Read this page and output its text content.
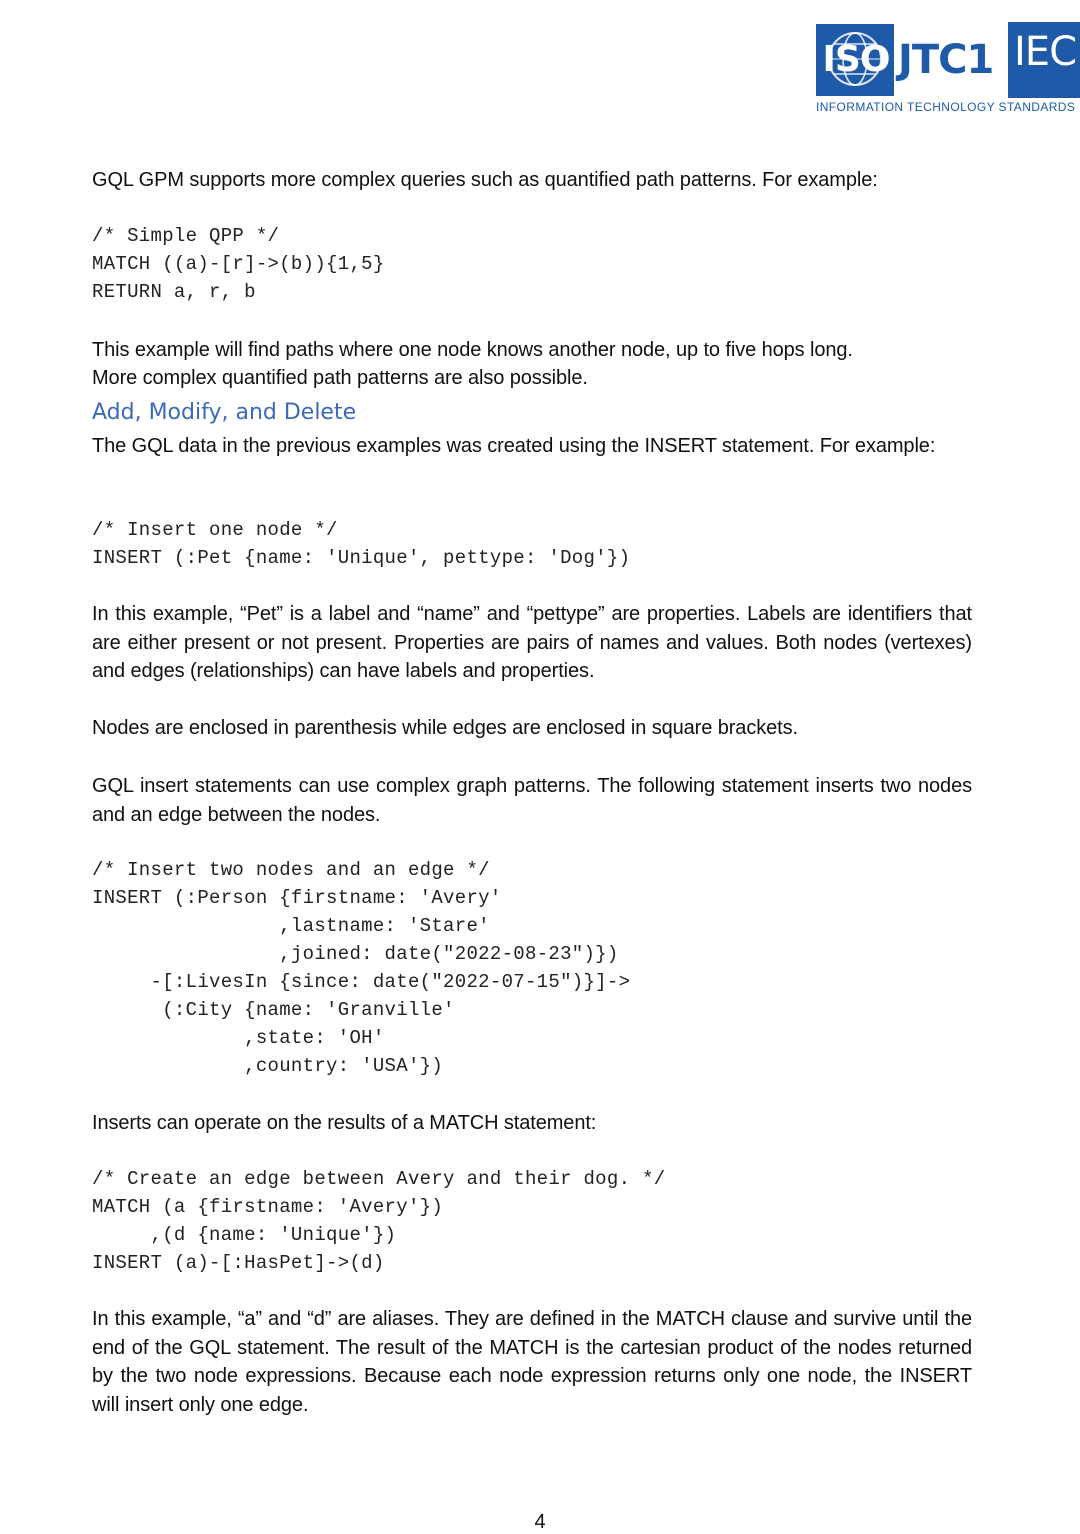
ISO JTC1 IEC
INFORMATION TECHNOLOGY STANDARDS

GQL GPM supports more complex queries such as quantified path patterns. For example:

/* Simple QPP */
MATCH ((a)-[r]->(b)){1,5}
RETURN a, r, b

This example will find paths where one node knows another node, up to five hops long.

More complex quantified path patterns are also possible.

Add, Modify, and Delete

The GQL data in the previous examples was created using the INSERT statement. For example:

/* Insert one node */
INSERT (:Pet {name: 'Unique', pettype: 'Dog'})

In this example, “Pet” is a label and “name” and “pettype” are properties. Labels are identifiers that are either present or not present. Properties are pairs of names and values. Both nodes (vertexes) and edges (relationships) can have labels and properties.

Nodes are enclosed in parenthesis while edges are enclosed in square brackets.

GQL insert statements can use complex graph patterns. The following statement inserts two nodes and an edge between the nodes.

/* Insert two nodes and an edge */
INSERT (:Person {firstname: 'Avery'
,lastname: 'Stare'
,joined: date("2022-08-23")})
-[:LivesIn {since: date("2022-07-15")}]->
(:City {name: 'Granville'
,state: 'OH'
,country: 'USA'})

Inserts can operate on the results of a MATCH statement:

/* Create an edge between Avery and their dog. */
MATCH (a {firstname: 'Avery'})
,(d {name: 'Unique'})
INSERT (a)-[:HasPet]->(d)

In this example, “a” and “d” are aliases. They are defined in the MATCH clause and survive until the end of the GQL statement. The result of the MATCH is the cartesian product of the nodes returned by the two node expressions. Because each node expression returns only one node, the INSERT will insert only one edge.

4
